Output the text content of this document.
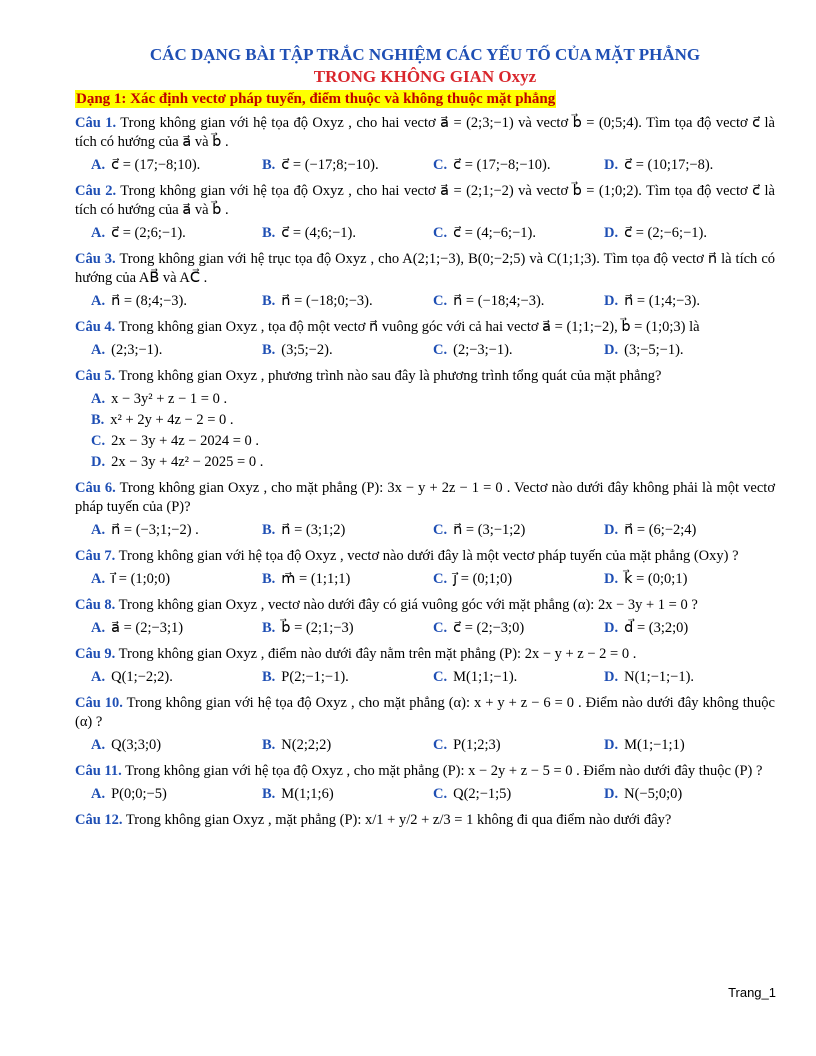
CÁC DẠNG BÀI TẬP TRẮC NGHIỆM CÁC YẾU TỐ CỦA MẶT PHẲNG
TRONG KHÔNG GIAN Oxyz
Dạng 1: Xác định vectơ pháp tuyến, điểm thuộc và không thuộc mặt phẳng
Câu 1. Trong không gian với hệ tọa độ Oxyz , cho hai vectơ a⃗ = (2;3;−1) và vectơ b⃗ = (0;5;4). Tìm tọa độ vectơ c⃗ là tích có hướng của a⃗ và b⃗ .
A. c⃗ = (17;−8;10).	B. c⃗ = (−17;8;−10).	C. c⃗ = (17;−8;−10).	D. c⃗ = (10;17;−8).
Câu 2. Trong không gian với hệ tọa độ Oxyz , cho hai vectơ a⃗ = (2;1;−2) và vectơ b⃗ = (1;0;2). Tìm tọa độ vectơ c⃗ là tích có hướng của a⃗ và b⃗ .
A. c⃗ = (2;6;−1).	B. c⃗ = (4;6;−1).	C. c⃗ = (4;−6;−1).	D. c⃗ = (2;−6;−1).
Câu 3. Trong không gian với hệ trục tọa độ Oxyz , cho A(2;1;−3), B(0;−2;5) và C(1;1;3). Tìm tọa độ vectơ n⃗ là tích có hướng của AB⃗ và AC⃗ .
A. n⃗ = (8;4;−3).	B. n⃗ = (−18;0;−3).	C. n⃗ = (−18;4;−3).	D. n⃗ = (1;4;−3).
Câu 4. Trong không gian Oxyz , tọa độ một vectơ n⃗ vuông góc với cả hai vectơ a⃗ = (1;1;−2), b⃗ = (1;0;3) là
A. (2;3;−1).	B. (3;5;−2).	C. (2;−3;−1).	D. (3;−5;−1).
Câu 5. Trong không gian Oxyz , phương trình nào sau đây là phương trình tổng quát của mặt phẳng?
A. x − 3y² + z − 1 = 0 .
B. x² + 2y + 4z − 2 = 0 .
C. 2x − 3y + 4z − 2024 = 0 .
D. 2x − 3y + 4z² − 2025 = 0 .
Câu 6. Trong không gian Oxyz , cho mặt phẳng (P): 3x − y + 2z − 1 = 0 . Vectơ nào dưới đây không phải là một vectơ pháp tuyến của (P)?
A. n⃗ = (−3;1;−2) .	B. n⃗ = (3;1;2)	C. n⃗ = (3;−1;2)	D. n⃗ = (6;−2;4)
Câu 7. Trong không gian với hệ tọa độ Oxyz , vectơ nào dưới đây là một vectơ pháp tuyến của mặt phẳng (Oxy) ?
A. i⃗ = (1;0;0)	B. m⃗ = (1;1;1)	C. j⃗ = (0;1;0)	D. k⃗ = (0;0;1)
Câu 8. Trong không gian Oxyz , vectơ nào dưới đây có giá vuông góc với mặt phẳng (α): 2x − 3y + 1 = 0 ?
A. a⃗ = (2;−3;1)	B. b⃗ = (2;1;−3)	C. c⃗ = (2;−3;0)	D. d⃗ = (3;2;0)
Câu 9. Trong không gian Oxyz , điểm nào dưới đây nằm trên mặt phẳng (P): 2x − y + z − 2 = 0 .
A. Q(1;−2;2).	B. P(2;−1;−1).	C. M(1;1;−1).	D. N(1;−1;−1).
Câu 10. Trong không gian với hệ tọa độ Oxyz , cho mặt phẳng (α): x + y + z − 6 = 0 . Điểm nào dưới đây không thuộc (α) ?
A. Q(3;3;0)	B. N(2;2;2)	C. P(1;2;3)	D. M(1;−1;1)
Câu 11. Trong không gian với hệ tọa độ Oxyz , cho mặt phẳng (P): x − 2y + z − 5 = 0 . Điểm nào dưới đây thuộc (P) ?
A. P(0;0;−5)	B. M(1;1;6)	C. Q(2;−1;5)	D. N(−5;0;0)
Câu 12. Trong không gian Oxyz , mặt phẳng (P): x/1 + y/2 + z/3 = 1 không đi qua điểm nào dưới đây?
Trang_1
